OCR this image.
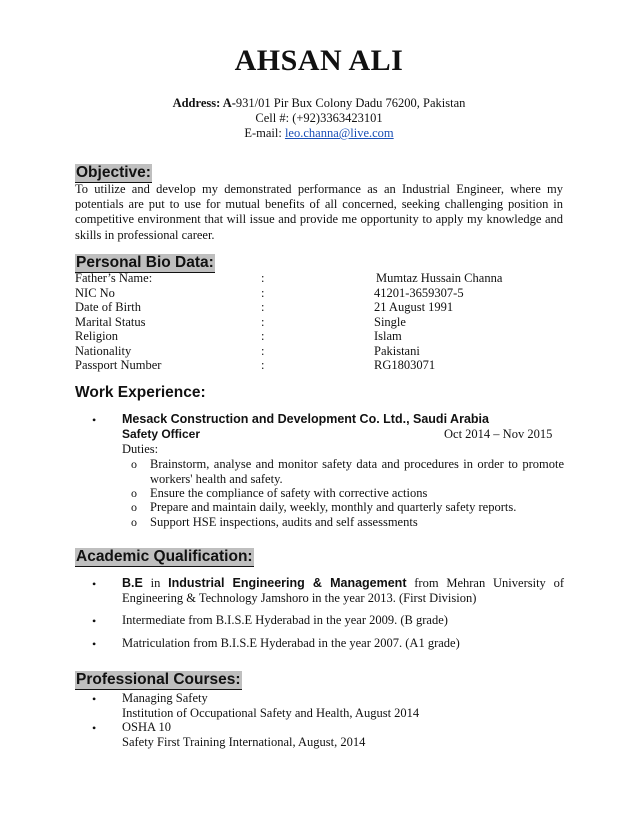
AHSAN ALI
Address: A-931/01 Pir Bux Colony Dadu 76200, Pakistan
Cell #: (+92)3363423101
E-mail: leo.channa@live.com
Objective:
To utilize and develop my demonstrated performance as an Industrial Engineer, where my potentials are put to use for mutual benefits of all concerned, seeking challenging position in competitive environment that will issue and provide me opportunity to apply my knowledge and skills in professional career.
Personal Bio Data:
Father’s Name:	:	Mumtaz Hussain Channa
NIC No	:	41201-3659307-5
Date of Birth	:	21 August 1991
Marital Status	:	Single
Religion	:	Islam
Nationality	:	Pakistani
Passport Number	:	RG1803071
Work Experience:
• Mesack Construction and Development Co. Ltd., Saudi Arabia
Safety Officer	Oct 2014 – Nov 2015
Duties:
o Brainstorm, analyse and monitor safety data and procedures in order to promote workers' health and safety.
o Ensure the compliance of safety with corrective actions
o Prepare and maintain daily, weekly, monthly and quarterly safety reports.
o Support HSE inspections, audits and self assessments
Academic Qualification:
• B.E in Industrial Engineering & Management from Mehran University of Engineering & Technology Jamshoro in the year 2013. (First Division)
• Intermediate from B.I.S.E Hyderabad in the year 2009. (B grade)
• Matriculation from B.I.S.E Hyderabad in the year 2007. (A1 grade)
Professional Courses:
• Managing Safety
Institution of Occupational Safety and Health, August 2014
• OSHA 10
Safety First Training International, August, 2014
